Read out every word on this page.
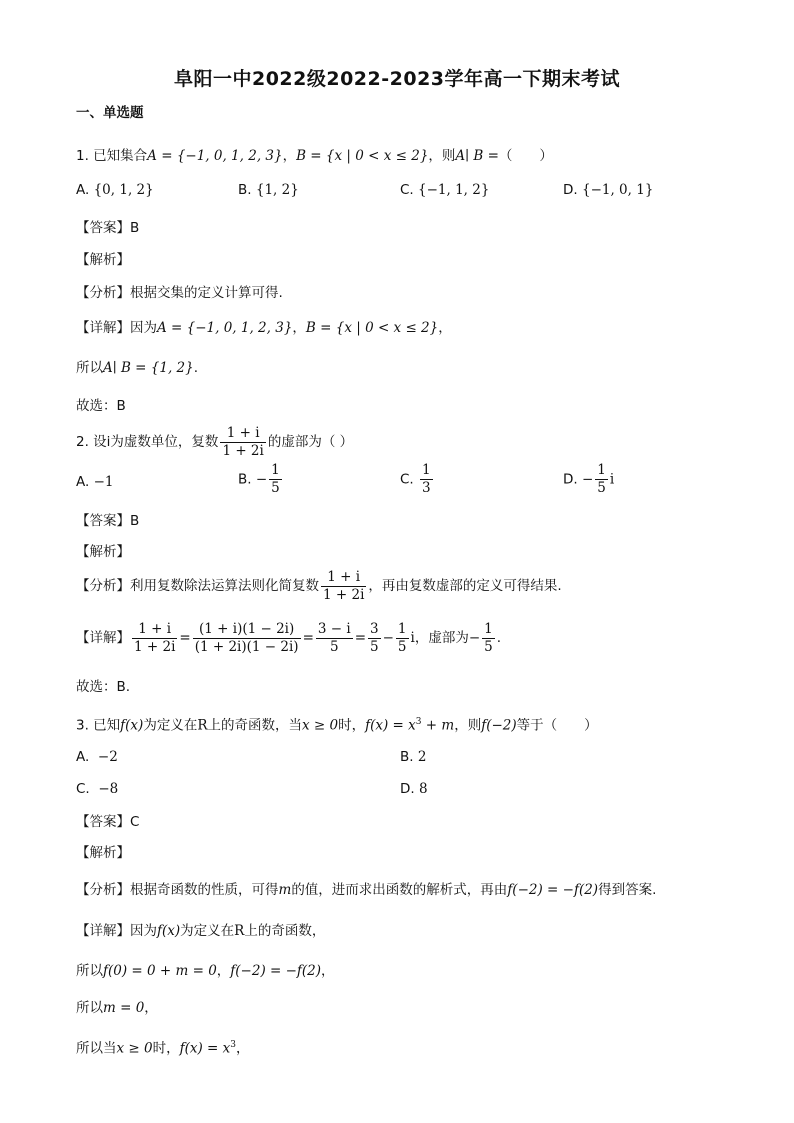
阜阳一中2022级2022-2023学年高一下期末考试
一、单选题
1. 已知集合A = {−1, 0, 1, 2, 3}，B = {x | 0 < x ≤ 2}，则A∣ B =（　　）
A. {0, 1, 2}	B. {1, 2}	C. {−1, 1, 2}	D. {−1, 0, 1}
【答案】B
【解析】
【分析】根据交集的定义计算可得.
【详解】因为A = {−1, 0, 1, 2, 3}，B = {x | 0 < x ≤ 2}，
所以A∣ B = {1, 2}.
故选：B
2. 设i为虚数单位，复数 $\frac{1 + i}{1 + 2i}$ 的虚部为（ ）
A. −1	B. − $\frac{1}{5}$	C. $\frac{1}{3}$	D. − $\frac{1}{5}$ i
【答案】B
【解析】
【分析】利用复数除法运算法则化简复数 $\frac{1 + i}{1 + 2i}$ ，再由复数虚部的定义可得结果.
【详解】 $\frac{1 + i}{1 + 2i} = \frac{(1 + i)(1 - 2i)}{(1 + 2i)(1 - 2i)} = \frac{3 - i}{5} = \frac{3}{5} - \frac{1}{5}$ i，虚部为− $\frac{1}{5}$ .
故选：B.
3. 已知f(x)为定义在R上的奇函数，当x ≥ 0时，$f(x) = x^3 + m$，则f(−2)等于（　　）
A. −2	B. 2
C. −8	D. 8
【答案】C
【解析】
【分析】根据奇函数的性质，可得m的值，进而求出函数的解析式，再由f(−2) = −f(2)得到答案.
【详解】因为f(x)为定义在R上的奇函数，
所以f(0) = 0 + m = 0，f(−2) = −f(2)，
所以m = 0，
所以当x ≥ 0时，$f(x) = x^3$，
